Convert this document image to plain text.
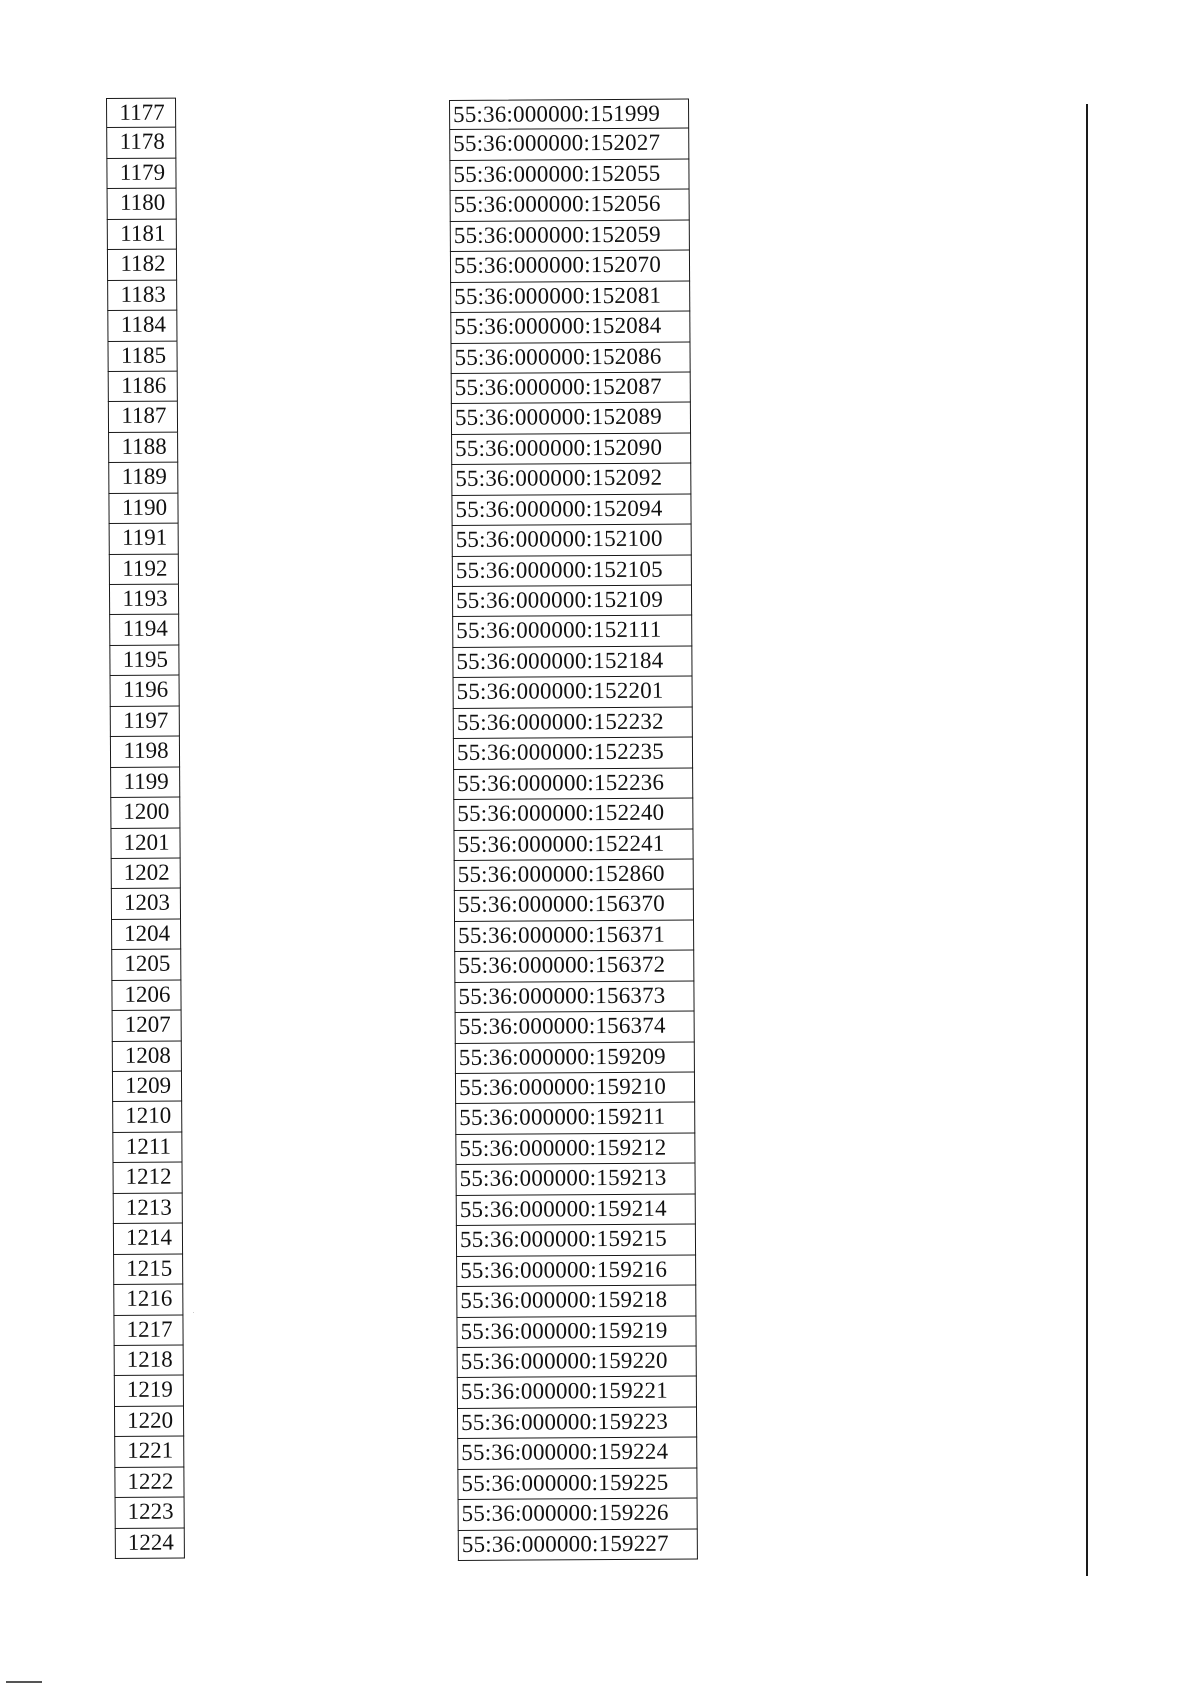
1177
1178
1179
1180
1181
1182
1183
1184
1185
1186
1187
1188
1189
1190
1191
1192
1193
1194
1195
1196
1197
1198
1199
1200
1201
1202
1203
1204
1205
1206
1207
1208
1209
1210
1211
1212
1213
1214
1215
1216
1217
1218
1219
1220
1221
1222
1223
1224
55:36:000000:151999
55:36:000000:152027
55:36:000000:152055
55:36:000000:152056
55:36:000000:152059
55:36:000000:152070
55:36:000000:152081
55:36:000000:152084
55:36:000000:152086
55:36:000000:152087
55:36:000000:152089
55:36:000000:152090
55:36:000000:152092
55:36:000000:152094
55:36:000000:152100
55:36:000000:152105
55:36:000000:152109
55:36:000000:152111
55:36:000000:152184
55:36:000000:152201
55:36:000000:152232
55:36:000000:152235
55:36:000000:152236
55:36:000000:152240
55:36:000000:152241
55:36:000000:152860
55:36:000000:156370
55:36:000000:156371
55:36:000000:156372
55:36:000000:156373
55:36:000000:156374
55:36:000000:159209
55:36:000000:159210
55:36:000000:159211
55:36:000000:159212
55:36:000000:159213
55:36:000000:159214
55:36:000000:159215
55:36:000000:159216
55:36:000000:159218
55:36:000000:159219
55:36:000000:159220
55:36:000000:159221
55:36:000000:159223
55:36:000000:159224
55:36:000000:159225
55:36:000000:159226
55:36:000000:159227
